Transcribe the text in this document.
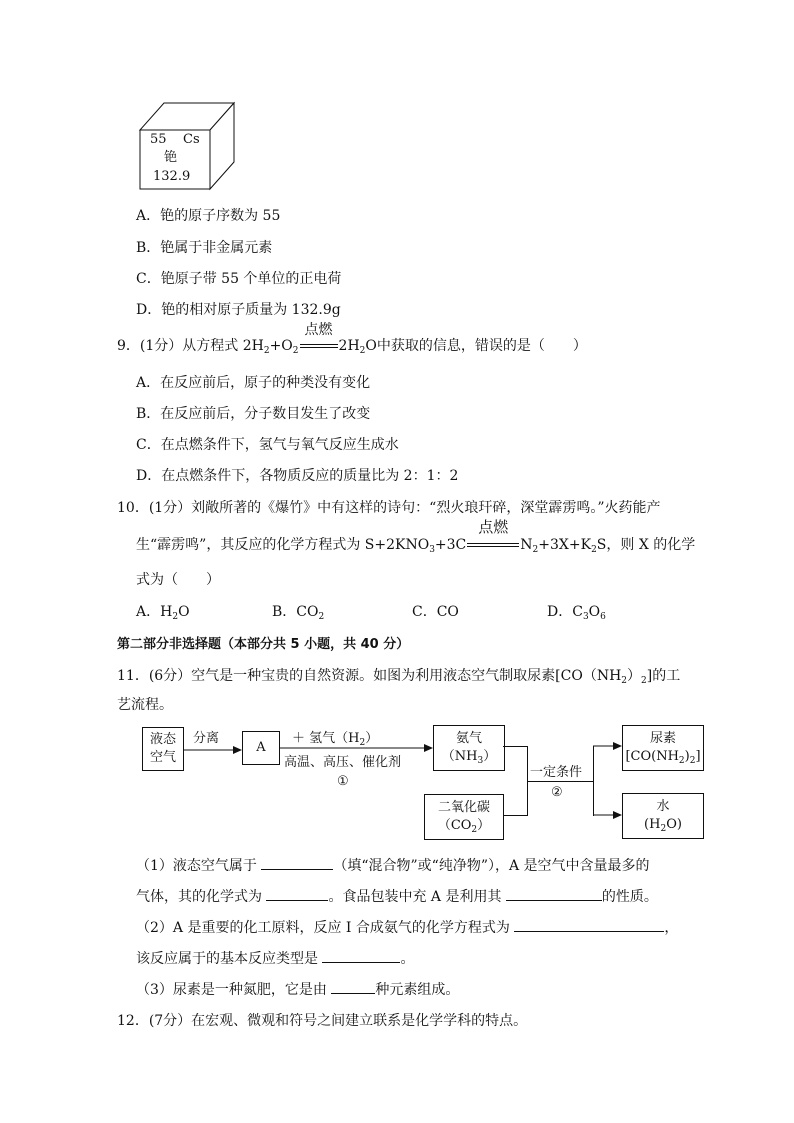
55 Cs
铯
132.9
A．铯的原子序数为 55
B．铯属于非金属元素
C．铯原子带 55 个单位的正电荷
D．铯的相对原子质量为 132.9g
9．(1分）从方程式 $2H_2+O_2$
点燃
$2H_2O$中获取的信息，错误的是（　　）
A．在反应前后，原子的种类没有变化
B．在反应前后，分子数目发生了改变
C．在点燃条件下，氢气与氧气反应生成水
D．在点燃条件下，各物质反应的质量比为 2：1：2
10．(1分）刘敞所著的《爆竹》中有这样的诗句：“烈火琅玕碎，深堂霹雳鸣。”火药能产
生“霹雳鸣”，其反应的化学方程式为 $S+2KNO_3+3C$
点燃
$N_2+3X+K_2S$，则 X 的化学
式为（　　）
A．$H_2O$	B．$CO_2$	C．CO	D．$C_3O_6$
第二部分非选择题（本部分共 5 小题，共 40 分）
11．(6分）空气是一种宝贵的自然资源。如图为利用液态空气制取尿素$[CO(NH_2)_2]$的工
艺流程。
液态
空气
分离
A
＋ 氢气$(H_2)$
高温、高压、催化剂
①
氨气
$(NH_3)$
二氧化碳
$(CO_2)$
一定条件
②
尿素
$[CO(NH_2)_2]$
水
$(H_2O)$
（1）液态空气属于	（填“混合物”或“纯净物”），A 是空气中含量最多的
气体，其的化学式为	。食品包装中充 A 是利用其	的性质。
（2）A 是重要的化工原料，反应 I 合成氨气的化学方程式为	，
该反应属于的基本反应类型是	。
（3）尿素是一种氮肥，它是由	种元素组成。
12．(7分）在宏观、微观和符号之间建立联系是化学学科的特点。
